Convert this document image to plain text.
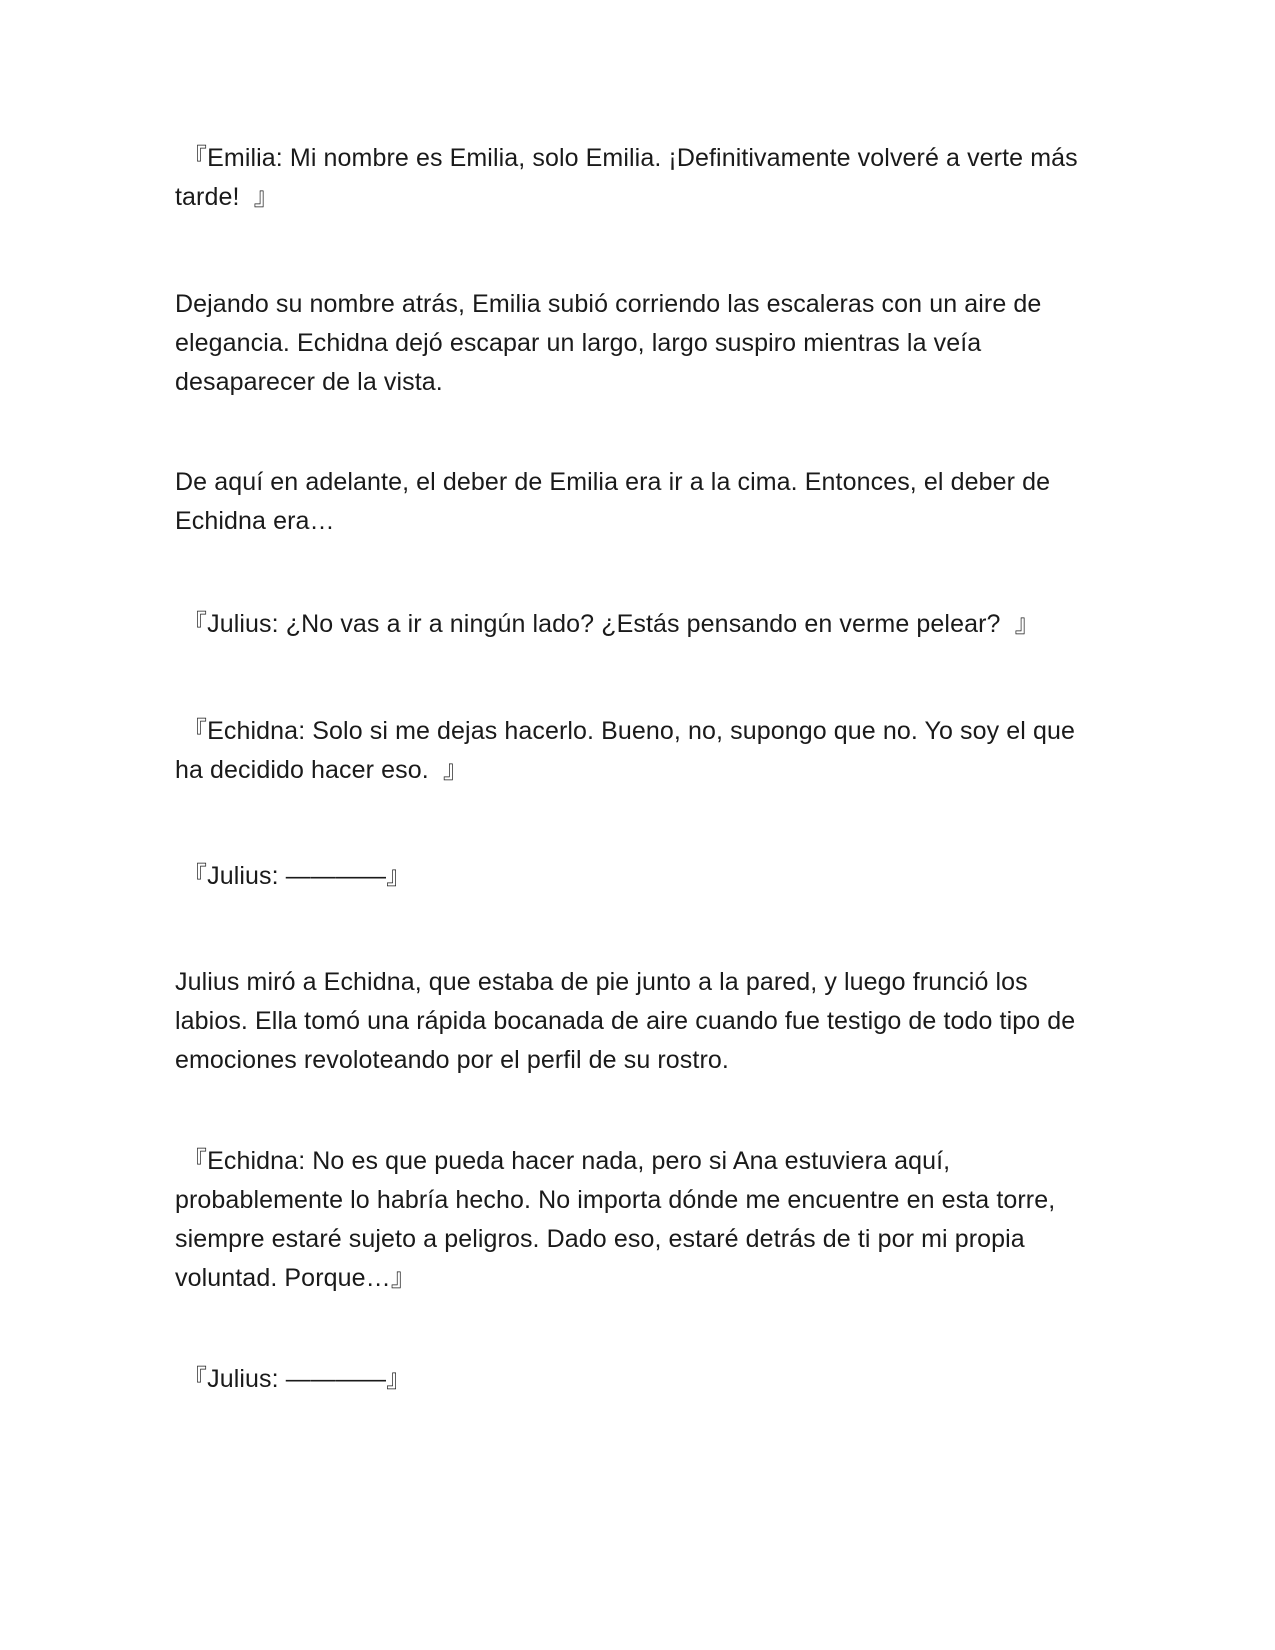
『Emilia: Mi nombre es Emilia, solo Emilia. ¡Definitivamente volveré a verte más tarde!  』

Dejando su nombre atrás, Emilia subió corriendo las escaleras con un aire de elegancia. Echidna dejó escapar un largo, largo suspiro mientras la veía desaparecer de la vista.

De aquí en adelante, el deber de Emilia era ir a la cima. Entonces, el deber de Echidna era…

『Julius: ¿No vas a ir a ningún lado? ¿Estás pensando en verme pelear?  』

『Echidna: Solo si me dejas hacerlo. Bueno, no, supongo que no. Yo soy el que ha decidido hacer eso.  』

『Julius: ————』

Julius miró a Echidna, que estaba de pie junto a la pared, y luego frunció los labios. Ella tomó una rápida bocanada de aire cuando fue testigo de todo tipo de emociones revoloteando por el perfil de su rostro.

『Echidna: No es que pueda hacer nada, pero si Ana estuviera aquí, probablemente lo habría hecho. No importa dónde me encuentre en esta torre, siempre estaré sujeto a peligros. Dado eso, estaré detrás de ti por mi propia voluntad. Porque…』

『Julius: ————』
